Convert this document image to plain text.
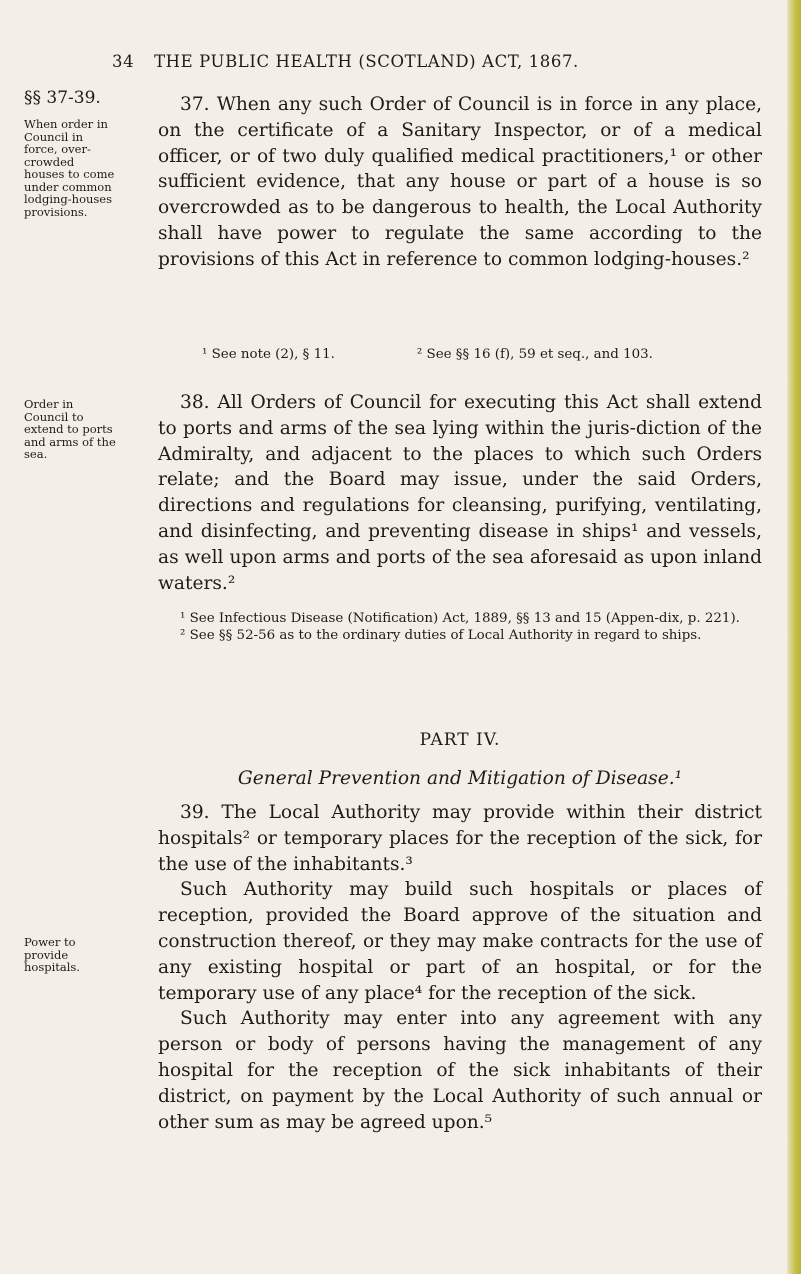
34 THE PUBLIC HEALTH (SCOTLAND) ACT, 1867.
§§ 37-39.
When order in Council in force, over-crowded houses to come under common lodging-houses provisions.
Order in Council to extend to ports and arms of the sea.
Power to provide hospitals.

37. When any such Order of Council is in force in any place, on the certificate of a Sanitary Inspector, or of a medical officer, or of two duly qualified medical practitioners,¹ or other sufficient evidence, that any house or part of a house is so overcrowded as to be dangerous to health, the Local Authority shall have power to regulate the same according to the provisions of this Act in reference to common lodging-houses.²

¹ See note (2), § 11.	² See §§ 16 (f), 59 et seq., and 103.

38. All Orders of Council for executing this Act shall extend to ports and arms of the sea lying within the juris-diction of the Admiralty, and adjacent to the places to which such Orders relate; and the Board may issue, under the said Orders, directions and regulations for cleansing, purifying, ventilating, and disinfecting, and preventing disease in ships¹ and vessels, as well upon arms and ports of the sea aforesaid as upon inland waters.²

¹ See Infectious Disease (Notification) Act, 1889, §§ 13 and 15 (Appen-dix, p. 221).

² See §§ 52-56 as to the ordinary duties of Local Authority in regard to ships.

PART IV.
General Prevention and Mitigation of Disease.¹

39. The Local Authority may provide within their district hospitals² or temporary places for the reception of the sick, for the use of the inhabitants.³

Such Authority may build such hospitals or places of reception, provided the Board approve of the situation and construction thereof, or they may make contracts for the use of any existing hospital or part of an hospital, or for the temporary use of any place⁴ for the reception of the sick.

Such Authority may enter into any agreement with any person or body of persons having the management of any hospital for the reception of the sick inhabitants of their district, on payment by the Local Authority of such annual or other sum as may be agreed upon.⁵
